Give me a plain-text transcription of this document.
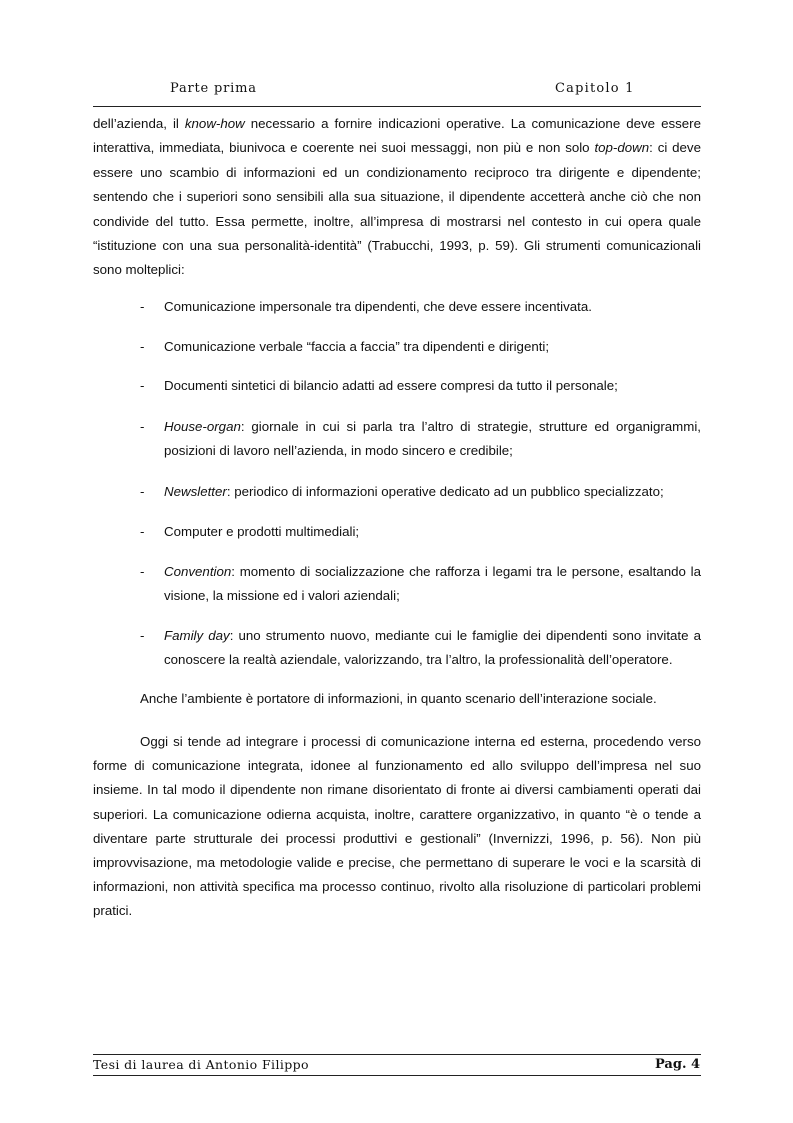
Parte prima	Capitolo 1

dell’azienda, il know-how necessario a fornire indicazioni operative. La comunicazione deve essere interattiva, immediata, biunivoca e coerente nei suoi messaggi, non più e non solo top-down: ci deve essere uno scambio di informazioni ed un condizionamento reciproco tra dirigente e dipendente; sentendo che i superiori sono sensibili alla sua situazione, il dipendente accetterà anche ciò che non condivide del tutto. Essa permette, inoltre, all’impresa di mostrarsi nel contesto in cui opera quale “istituzione con una sua personalità-identità” (Trabucchi, 1993, p. 59). Gli strumenti comunicazionali sono molteplici:

- Comunicazione impersonale tra dipendenti, che deve essere incentivata.

- Comunicazione verbale “faccia a faccia” tra dipendenti e dirigenti;

- Documenti sintetici di bilancio adatti ad essere compresi da tutto il personale;

- House-organ: giornale in cui si parla tra l’altro di strategie, strutture ed organigrammi, posizioni di lavoro nell’azienda, in modo sincero e credibile;

- Newsletter: periodico di informazioni operative dedicato ad un pubblico specializzato;

- Computer e prodotti multimediali;

- Convention: momento di socializzazione che rafforza i legami tra le persone, esaltando la visione, la missione ed i valori aziendali;

- Family day: uno strumento nuovo, mediante cui le famiglie dei dipendenti sono invitate a conoscere la realtà aziendale, valorizzando, tra l’altro, la professionalità dell’operatore.

Anche l’ambiente è portatore di informazioni, in quanto scenario dell’interazione sociale.

Oggi si tende ad integrare i processi di comunicazione interna ed esterna, procedendo verso forme di comunicazione integrata, idonee al funzionamento ed allo sviluppo dell’impresa nel suo insieme. In tal modo il dipendente non rimane disorientato di fronte ai diversi cambiamenti operati dai superiori. La comunicazione odierna acquista, inoltre, carattere organizzativo, in quanto “è o tende a diventare parte strutturale dei processi produttivi e gestionali” (Invernizzi, 1996, p. 56). Non più improvvisazione, ma metodologie valide e precise, che permettano di superare le voci e la scarsità di informazioni, non attività specifica ma processo continuo, rivolto alla risoluzione di particolari problemi pratici.

Tesi di laurea di Antonio Filippo	Pag. 4
